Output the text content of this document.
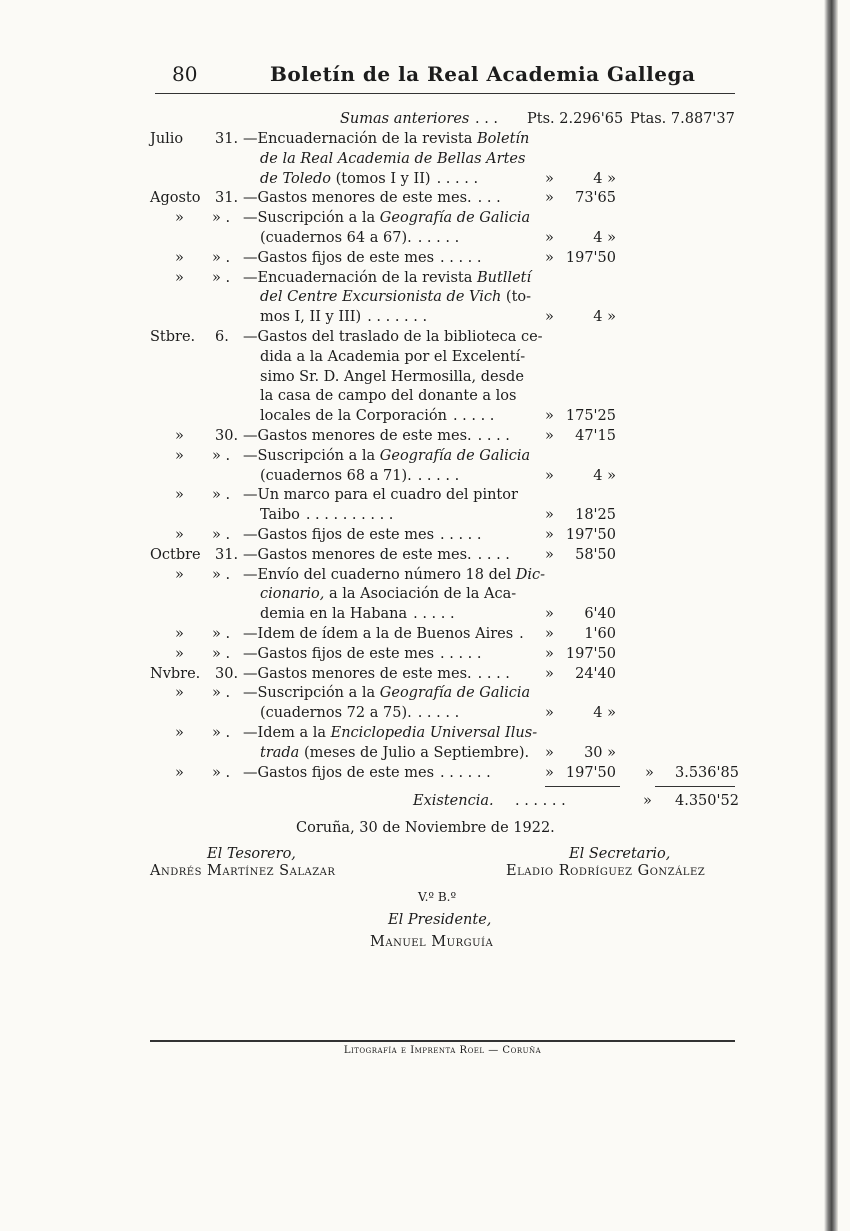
80	Boletín de la Real Academia Gallega
Sumas anteriores . . . Pts. 2.296'65 Ptas. 7.887'37
Julio 31. —Encuadernación de la revista Boletín
de la Real Academia de Bellas Artes
de Toledo (tomos I y II) . . . . .	»	4 »
Agosto 31. —Gastos menores de este mes. . . .	»	73'65
» » . —Suscripción a la Geografía de Galicia
(cuadernos 64 a 67). . . . . .	»	4 »
» » . —Gastos fijos de este mes . . . . .	» 197'50
» » . —Encuadernación de la revista Butlletí
del Centre Excursionista de Vich (to-
mos I, II y III) . . . . . . .	»	4 »
Stbre. 6. —Gastos del traslado de la biblioteca ce-
dida a la Academia por el Excelentí-
simo Sr. D. Angel Hermosilla, desde
la casa de campo del donante a los
locales de la Corporación . . . . .	» 175'25
» 30. —Gastos menores de este mes. . . . . »	47'15
» » . —Suscripción a la Geografía de Galicia
(cuadernos 68 a 71). . . . . .	»	4 »
» » . —Un marco para el cuadro del pintor
Taibo . . . . . . . . . .	»	18'25
» » . —Gastos fijos de este mes . . . . .	» 197'50
Octbre 31. —Gastos menores de este mes. . . . . »	58'50
» » . —Envío del cuaderno número 18 del Dic-
cionario, a la Asociación de la Aca-
demia en la Habana . . . . .	»	6'40
» » . —Idem de ídem a la de Buenos Aires . »	1'60
» » . —Gastos fijos de este mes . . . . .	» 197'50
Nvbre. 30. —Gastos menores de este mes. . . . . »	24'40
» » . —Suscripción a la Geografía de Galicia
(cuadernos 72 a 75). . . . . .	»	4 »
» » . —Idem a la Enciclopedia Universal Ilus-
trada (meses de Julio a Septiembre). »	30 »
» » . —Gastos fijos de este mes . . . . . .	» 197'50 » 3.536'85
Existencia. . . . . . .	» 4.350'52
Coruña, 30 de Noviembre de 1922.
El Tesorero,
Andrés Martínez Salazar
El Secretario,
Eladio Rodríguez González
V.º B.º
El Presidente,
Manuel Murguía
Litografía e Imprenta Roel — Coruña
